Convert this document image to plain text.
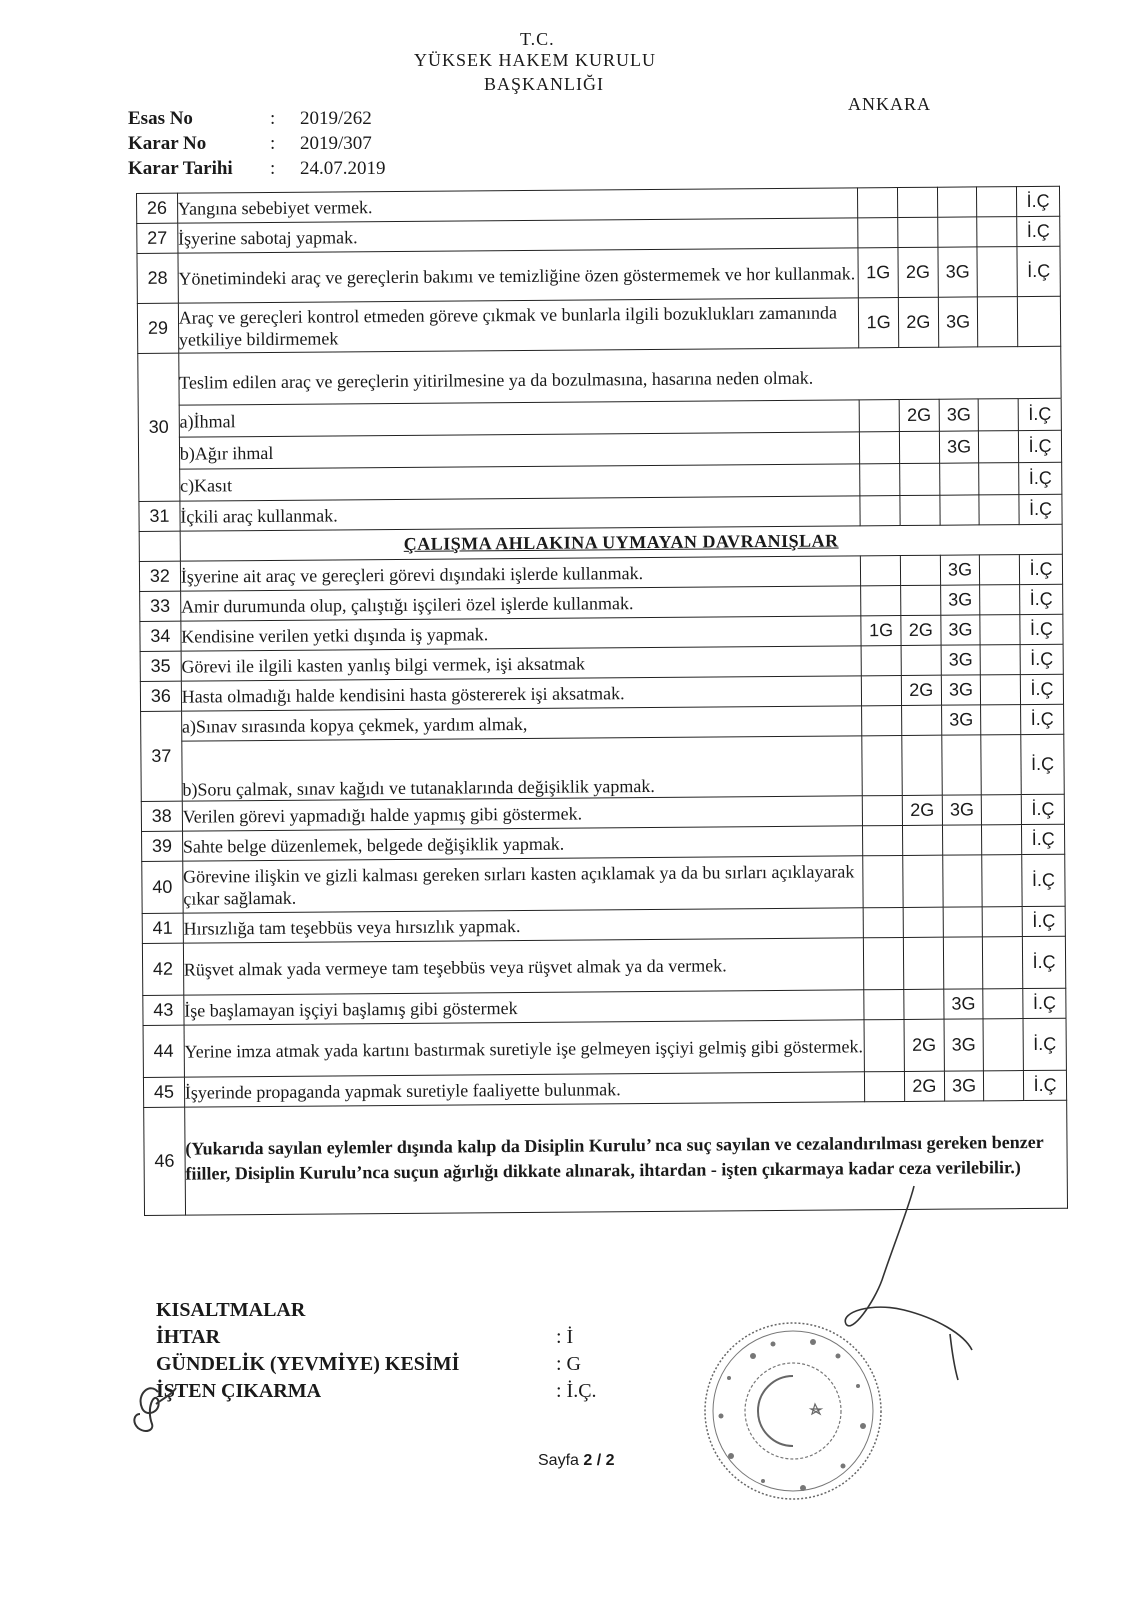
T.C.
YÜKSEK HAKEM KURULU
BAŞKANLIĞI
ANKARA
Esas No	:	2019/262
Karar No	:	2019/307
Karar Tarihi	:	24.07.2019
26	Yangına sebebiyet vermek.					İ.Ç
27	İşyerine sabotaj yapmak.					İ.Ç
28	Yönetimindeki araç ve gereçlerin bakımı ve temizliğine özen göstermemek ve hor kullanmak.	1G	2G	3G		İ.Ç
29	Araç ve gereçleri kontrol etmeden göreve çıkmak ve bunlarla ilgili bozuklukları zamanında yetkiliye bildirmemek	1G	2G	3G		
30	Teslim edilen araç ve gereçlerin yitirilmesine ya da bozulmasına, hasarına neden olmak.					
	a)İhmal		2G	3G		İ.Ç
	b)Ağır ihmal			3G		İ.Ç
	c)Kasıt					İ.Ç
31	İçkili araç kullanmak.					İ.Ç
	ÇALIŞMA AHLAKINA UYMAYAN DAVRANIŞLAR					
32	İşyerine ait araç ve gereçleri görevi dışındaki işlerde kullanmak.			3G		İ.Ç
33	Amir durumunda olup, çalıştığı işçileri özel işlerde kullanmak.			3G		İ.Ç
34	Kendisine verilen yetki dışında iş yapmak.	1G	2G	3G		İ.Ç
35	Görevi ile ilgili kasten yanlış bilgi vermek, işi aksatmak			3G		İ.Ç
36	Hasta olmadığı halde kendisini hasta göstererek işi aksatmak.		2G	3G		İ.Ç
37	a)Sınav sırasında kopya çekmek, yardım almak,			3G		İ.Ç
	b)Soru çalmak, sınav kağıdı ve tutanaklarında değişiklik yapmak.					İ.Ç
38	Verilen görevi yapmadığı halde yapmış gibi göstermek.		2G	3G		İ.Ç
39	Sahte belge düzenlemek, belgede değişiklik yapmak.					İ.Ç
40	Görevine ilişkin ve gizli kalması gereken sırları kasten açıklamak ya da bu sırları açıklayarak çıkar sağlamak.					İ.Ç
41	Hırsızlığa tam teşebbüs veya hırsızlık yapmak.					İ.Ç
42	Rüşvet almak yada vermeye tam teşebbüs veya rüşvet almak ya da vermek.					İ.Ç
43	İşe başlamayan işçiyi başlamış gibi göstermek			3G		İ.Ç
44	Yerine imza atmak yada kartını bastırmak suretiyle işe gelmeyen işçiyi gelmiş gibi göstermek.		2G	3G		İ.Ç
45	İşyerinde propaganda yapmak suretiyle faaliyette bulunmak.		2G	3G		İ.Ç
46	(Yukarıda sayılan eylemler dışında kalıp da Disiplin Kurulu’ nca suç sayılan ve cezalandırılması gereken benzer fiiller, Disiplin Kurulu’nca suçun ağırlığı dikkate alınarak, ihtardan - işten çıkarmaya kadar ceza verilebilir.)					
KISALTMALAR
İHTAR	: İ
GÜNDELİK (YEVMİYE) KESİMİ	: G
İŞTEN ÇIKARMA	: İ.Ç.
Sayfa 2 / 2
